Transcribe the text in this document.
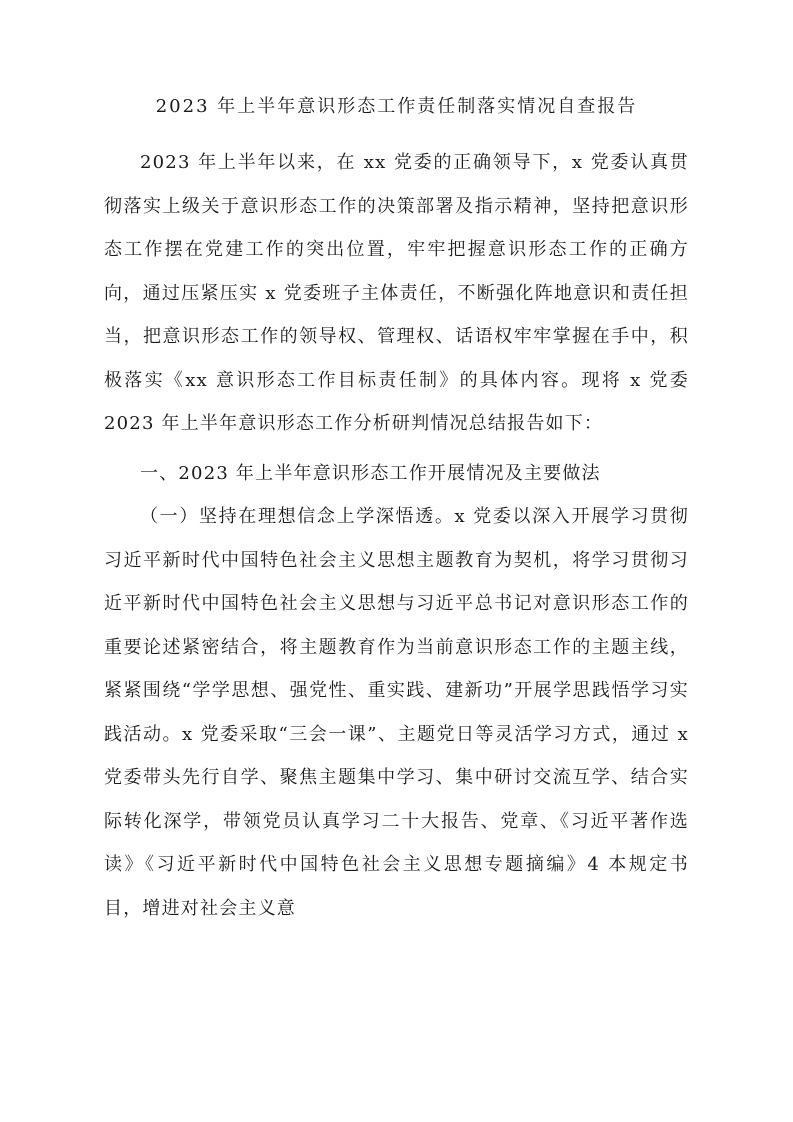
2023 年上半年意识形态工作责任制落实情况自查报告

2023 年上半年以来，在 xx 党委的正确领导下，x 党委认真贯彻落实上级关于意识形态工作的决策部署及指示精神，坚持把意识形态工作摆在党建工作的突出位置，牢牢把握意识形态工作的正确方向，通过压紧压实 x 党委班子主体责任，不断强化阵地意识和责任担当，把意识形态工作的领导权、管理权、话语权牢牢掌握在手中，积极落实《xx 意识形态工作目标责任制》的具体内容。现将 x 党委 2023 年上半年意识形态工作分析研判情况总结报告如下：

一、2023 年上半年意识形态工作开展情况及主要做法

（一）坚持在理想信念上学深悟透。x 党委以深入开展学习贯彻习近平新时代中国特色社会主义思想主题教育为契机，将学习贯彻习近平新时代中国特色社会主义思想与习近平总书记对意识形态工作的重要论述紧密结合，将主题教育作为当前意识形态工作的主题主线，紧紧围绕“学学思想、强党性、重实践、建新功”开展学思践悟学习实践活动。x 党委采取“三会一课”、主题党日等灵活学习方式，通过 x 党委带头先行自学、聚焦主题集中学习、集中研讨交流互学、结合实际转化深学，带领党员认真学习二十大报告、党章、《习近平著作选读》《习近平新时代中国特色社会主义思想专题摘编》4 本规定书目，增进对社会主义意
